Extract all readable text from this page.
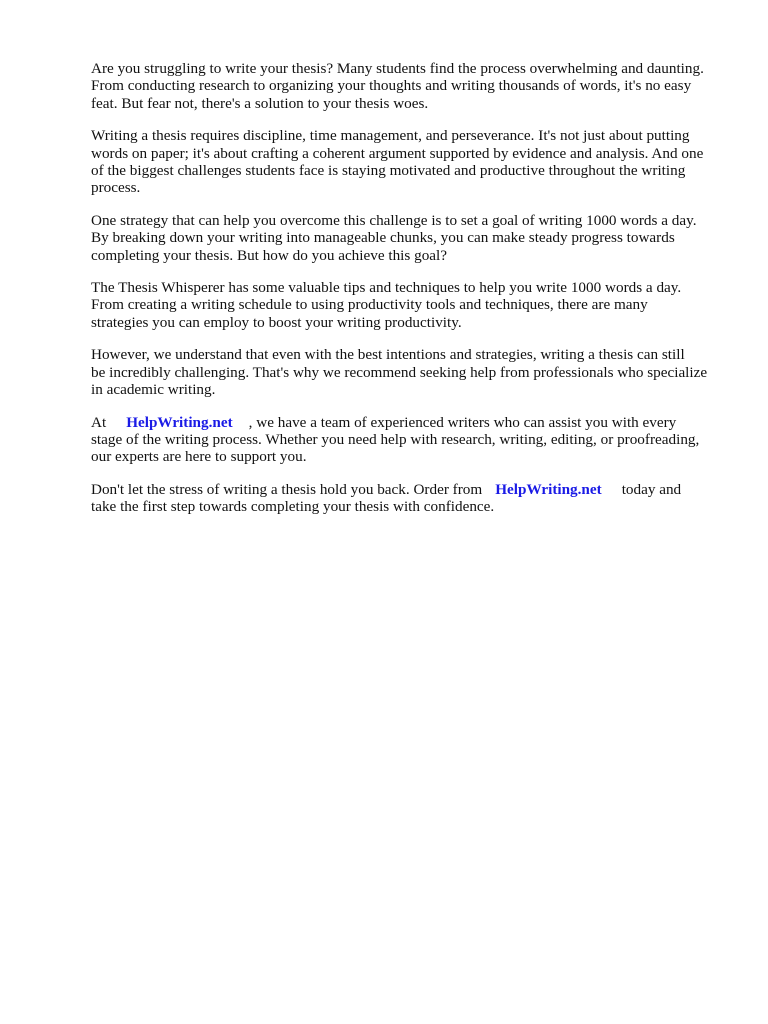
Are you struggling to write your thesis? Many students find the process overwhelming and daunting.
From conducting research to organizing your thoughts and writing thousands of words, it's no easy
feat. But fear not, there's a solution to your thesis woes.

Writing a thesis requires discipline, time management, and perseverance. It's not just about putting
words on paper; it's about crafting a coherent argument supported by evidence and analysis. And one
of the biggest challenges students face is staying motivated and productive throughout the writing
process.

One strategy that can help you overcome this challenge is to set a goal of writing 1000 words a day.
By breaking down your writing into manageable chunks, you can make steady progress towards
completing your thesis. But how do you achieve this goal?

The Thesis Whisperer has some valuable tips and techniques to help you write 1000 words a day.
From creating a writing schedule to using productivity tools and techniques, there are many
strategies you can employ to boost your writing productivity.

However, we understand that even with the best intentions and strategies, writing a thesis can still
be incredibly challenging. That's why we recommend seeking help from professionals who specialize
in academic writing.

At HelpWriting.net , we have a team of experienced writers who can assist you with every
stage of the writing process. Whether you need help with research, writing, editing, or proofreading,
our experts are here to support you.

Don't let the stress of writing a thesis hold you back. Order from HelpWriting.net today and
take the first step towards completing your thesis with confidence.
